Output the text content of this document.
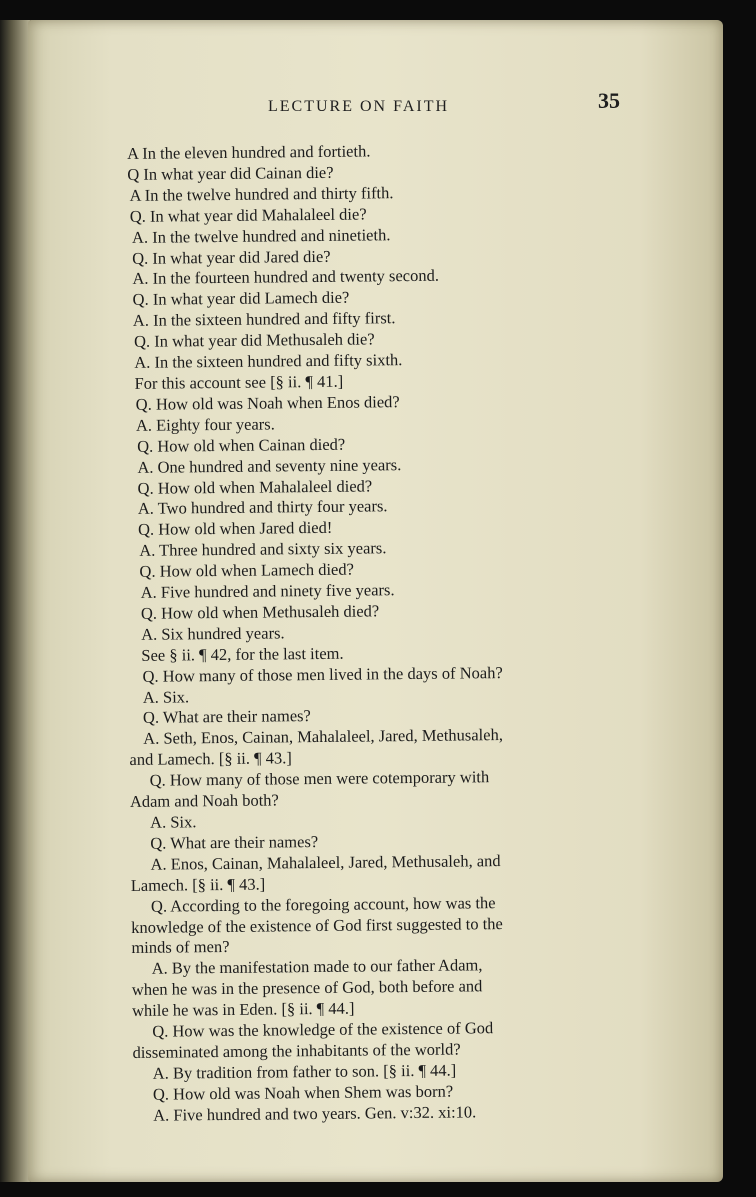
LECTURE ON FAITH	35
A In the eleven hundred and fortieth.
Q In what year did Cainan die?
A In the twelve hundred and thirty fifth.
Q. In what year did Mahalaleel die?
A. In the twelve hundred and ninetieth.
Q. In what year did Jared die?
A. In the fourteen hundred and twenty second.
Q. In what year did Lamech die?
A. In the sixteen hundred and fifty first.
Q. In what year did Methusaleh die?
A. In the sixteen hundred and fifty sixth.
For this account see [§ ii. ¶ 41.]
Q. How old was Noah when Enos died?
A. Eighty four years.
Q. How old when Cainan died?
A. One hundred and seventy nine years.
Q. How old when Mahalaleel died?
A. Two hundred and thirty four years.
Q. How old when Jared died!
A. Three hundred and sixty six years.
Q. How old when Lamech died?
A. Five hundred and ninety five years.
Q. How old when Methusaleh died?
A. Six hundred years.
See § ii. ¶ 42, for the last item.
Q. How many of those men lived in the days of Noah?
A. Six.
Q. What are their names?
A. Seth, Enos, Cainan, Mahalaleel, Jared, Methusaleh,
and Lamech. [§ ii. ¶ 43.]
Q. How many of those men were cotemporary with
Adam and Noah both?
A. Six.
Q. What are their names?
A. Enos, Cainan, Mahalaleel, Jared, Methusaleh, and
Lamech. [§ ii. ¶ 43.]
Q. According to the foregoing account, how was the
knowledge of the existence of God first suggested to the
minds of men?
A. By the manifestation made to our father Adam,
when he was in the presence of God, both before and
while he was in Eden. [§ ii. ¶ 44.]
Q. How was the knowledge of the existence of God
disseminated among the inhabitants of the world?
A. By tradition from father to son. [§ ii. ¶ 44.]
Q. How old was Noah when Shem was born?
A. Five hundred and two years. Gen. v:32. xi:10.
